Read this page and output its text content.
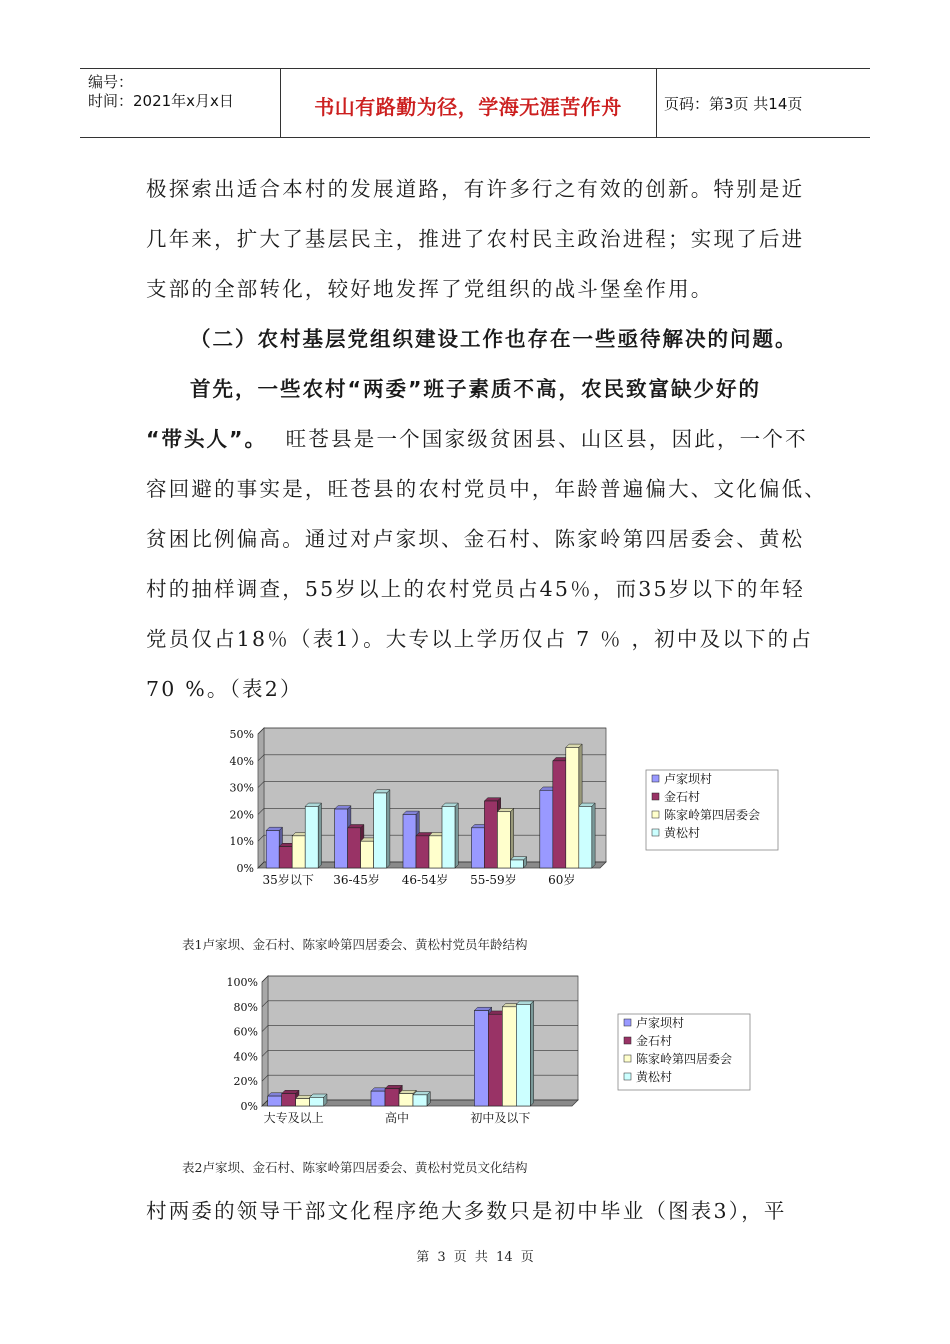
编号：
时间：2021年x月x日	书山有路勤为径，学海无涯苦作舟	页码：第3页 共14页
极探索出适合本村的发展道路，有许多行之有效的创新。特别是近
几年来，扩大了基层民主，推进了农村民主政治进程；实现了后进
支部的全部转化，较好地发挥了党组织的战斗堡垒作用。
（二）农村基层党组织建设工作也存在一些亟待解决的问题。
首先，一些农村“两委”班子素质不高，农民致富缺少好的
“带头人”。 旺苍县是一个国家级贫困县、山区县，因此，一个不
容回避的事实是，旺苍县的农村党员中，年龄普遍偏大、文化偏低、
贫困比例偏高。通过对卢家坝、金石村、陈家岭第四居委会、黄松
村的抽样调查，55岁以上的农村党员占45％，而35岁以下的年轻
党员仅占18％（表1）。大专以上学历仅占 7 ％ ，初中及以下的占
70 %。（表2）
0%
10%
20%
30%
40%
50%
35岁以下 36-45岁 46-54岁 55-59岁	60岁
卢家坝村
金石村
陈家岭第四居委会
黄松村
表1卢家坝、金石村、陈家岭第四居委会、黄松村党员年龄结构
0%
20%
40%
60%
80%
100%
大专及以上	高中	初中及以下
卢家坝村
金石村
陈家岭第四居委会
黄松村
表2卢家坝、金石村、陈家岭第四居委会、黄松村党员文化结构
村两委的领导干部文化程序绝大多数只是初中毕业（图表3），平
第 3 页 共 14 页
